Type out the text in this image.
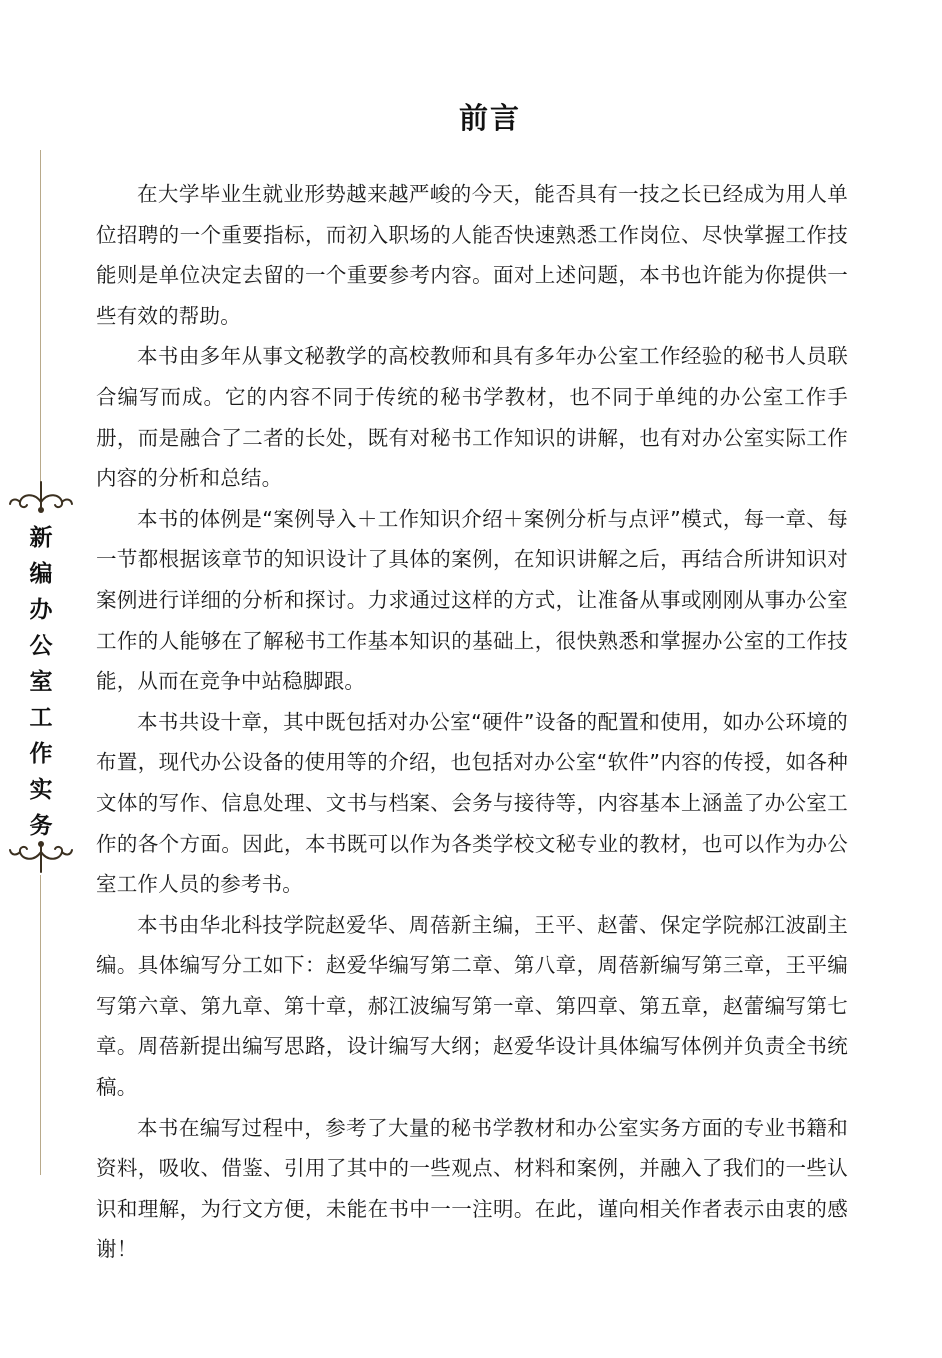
新
编
办
公
室
工
作
实
务
前言

在大学毕业生就业形势越来越严峻的今天，能否具有一技之长已经成为用人单位招聘的一个重要指标，而初入职场的人能否快速熟悉工作岗位、尽快掌握工作技能则是单位决定去留的一个重要参考内容。面对上述问题，本书也许能为你提供一些有效的帮助。

本书由多年从事文秘教学的高校教师和具有多年办公室工作经验的秘书人员联合编写而成。它的内容不同于传统的秘书学教材，也不同于单纯的办公室工作手册，而是融合了二者的长处，既有对秘书工作知识的讲解，也有对办公室实际工作内容的分析和总结。

本书的体例是“案例导入＋工作知识介绍＋案例分析与点评”模式，每一章、每一节都根据该章节的知识设计了具体的案例，在知识讲解之后，再结合所讲知识对案例进行详细的分析和探讨。力求通过这样的方式，让准备从事或刚刚从事办公室工作的人能够在了解秘书工作基本知识的基础上，很快熟悉和掌握办公室的工作技能，从而在竞争中站稳脚跟。

本书共设十章，其中既包括对办公室“硬件”设备的配置和使用，如办公环境的布置，现代办公设备的使用等的介绍，也包括对办公室“软件”内容的传授，如各种文体的写作、信息处理、文书与档案、会务与接待等，内容基本上涵盖了办公室工作的各个方面。因此，本书既可以作为各类学校文秘专业的教材，也可以作为办公室工作人员的参考书。

本书由华北科技学院赵爱华、周蓓新主编，王平、赵蕾、保定学院郝江波副主编。具体编写分工如下：赵爱华编写第二章、第八章，周蓓新编写第三章，王平编写第六章、第九章、第十章，郝江波编写第一章、第四章、第五章，赵蕾编写第七章。周蓓新提出编写思路，设计编写大纲；赵爱华设计具体编写体例并负责全书统稿。

本书在编写过程中，参考了大量的秘书学教材和办公室实务方面的专业书籍和资料，吸收、借鉴、引用了其中的一些观点、材料和案例，并融入了我们的一些认识和理解，为行文方便，未能在书中一一注明。在此，谨向相关作者表示由衷的感谢！
